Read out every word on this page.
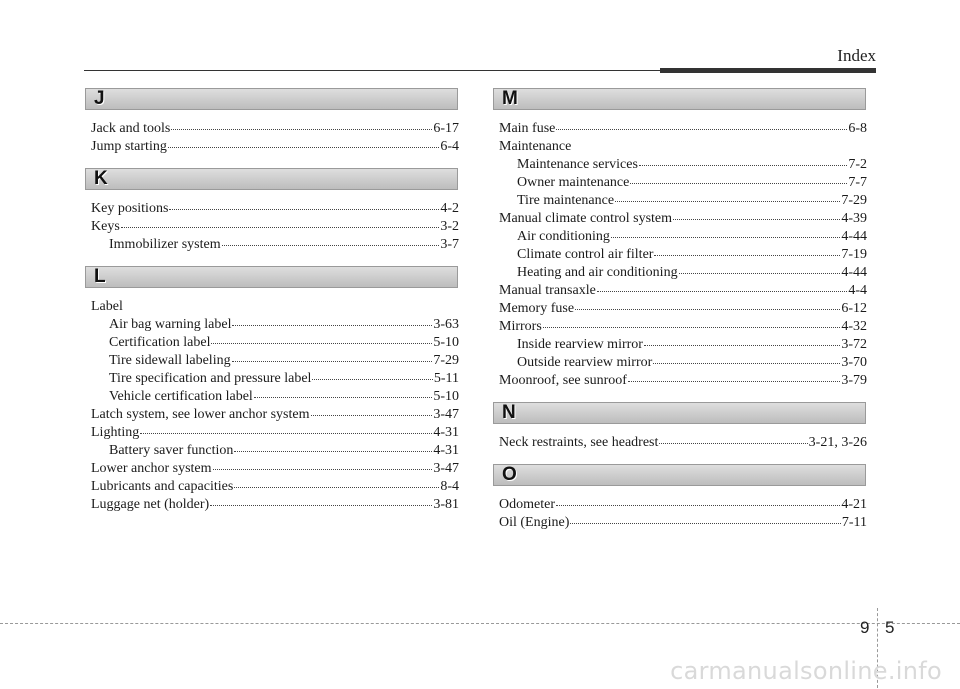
Index
J
Jack and tools	6-17
Jump starting	6-4
K
Key positions	4-2
Keys	3-2
Immobilizer system	3-7
L
Label
Air bag warning label	3-63
Certification label	5-10
Tire sidewall labeling	7-29
Tire specification and pressure label	5-11
Vehicle certification label	5-10
Latch system, see lower anchor system	3-47
Lighting	4-31
Battery saver function	4-31
Lower anchor system	3-47
Lubricants and capacities	8-4
Luggage net (holder)	3-81
M
Main fuse	6-8
Maintenance
Maintenance services	7-2
Owner maintenance	7-7
Tire maintenance	7-29
Manual climate control system	4-39
Air conditioning	4-44
Climate control air filter	7-19
Heating and air conditioning	4-44
Manual transaxle	4-4
Memory fuse	6-12
Mirrors	4-32
Inside rearview mirror	3-72
Outside rearview mirror	3-70
Moonroof, see sunroof	3-79
N
Neck restraints, see headrest	3-21, 3-26
O
Odometer	4-21
Oil (Engine)	7-11
9 5
carmanualsonline.info
